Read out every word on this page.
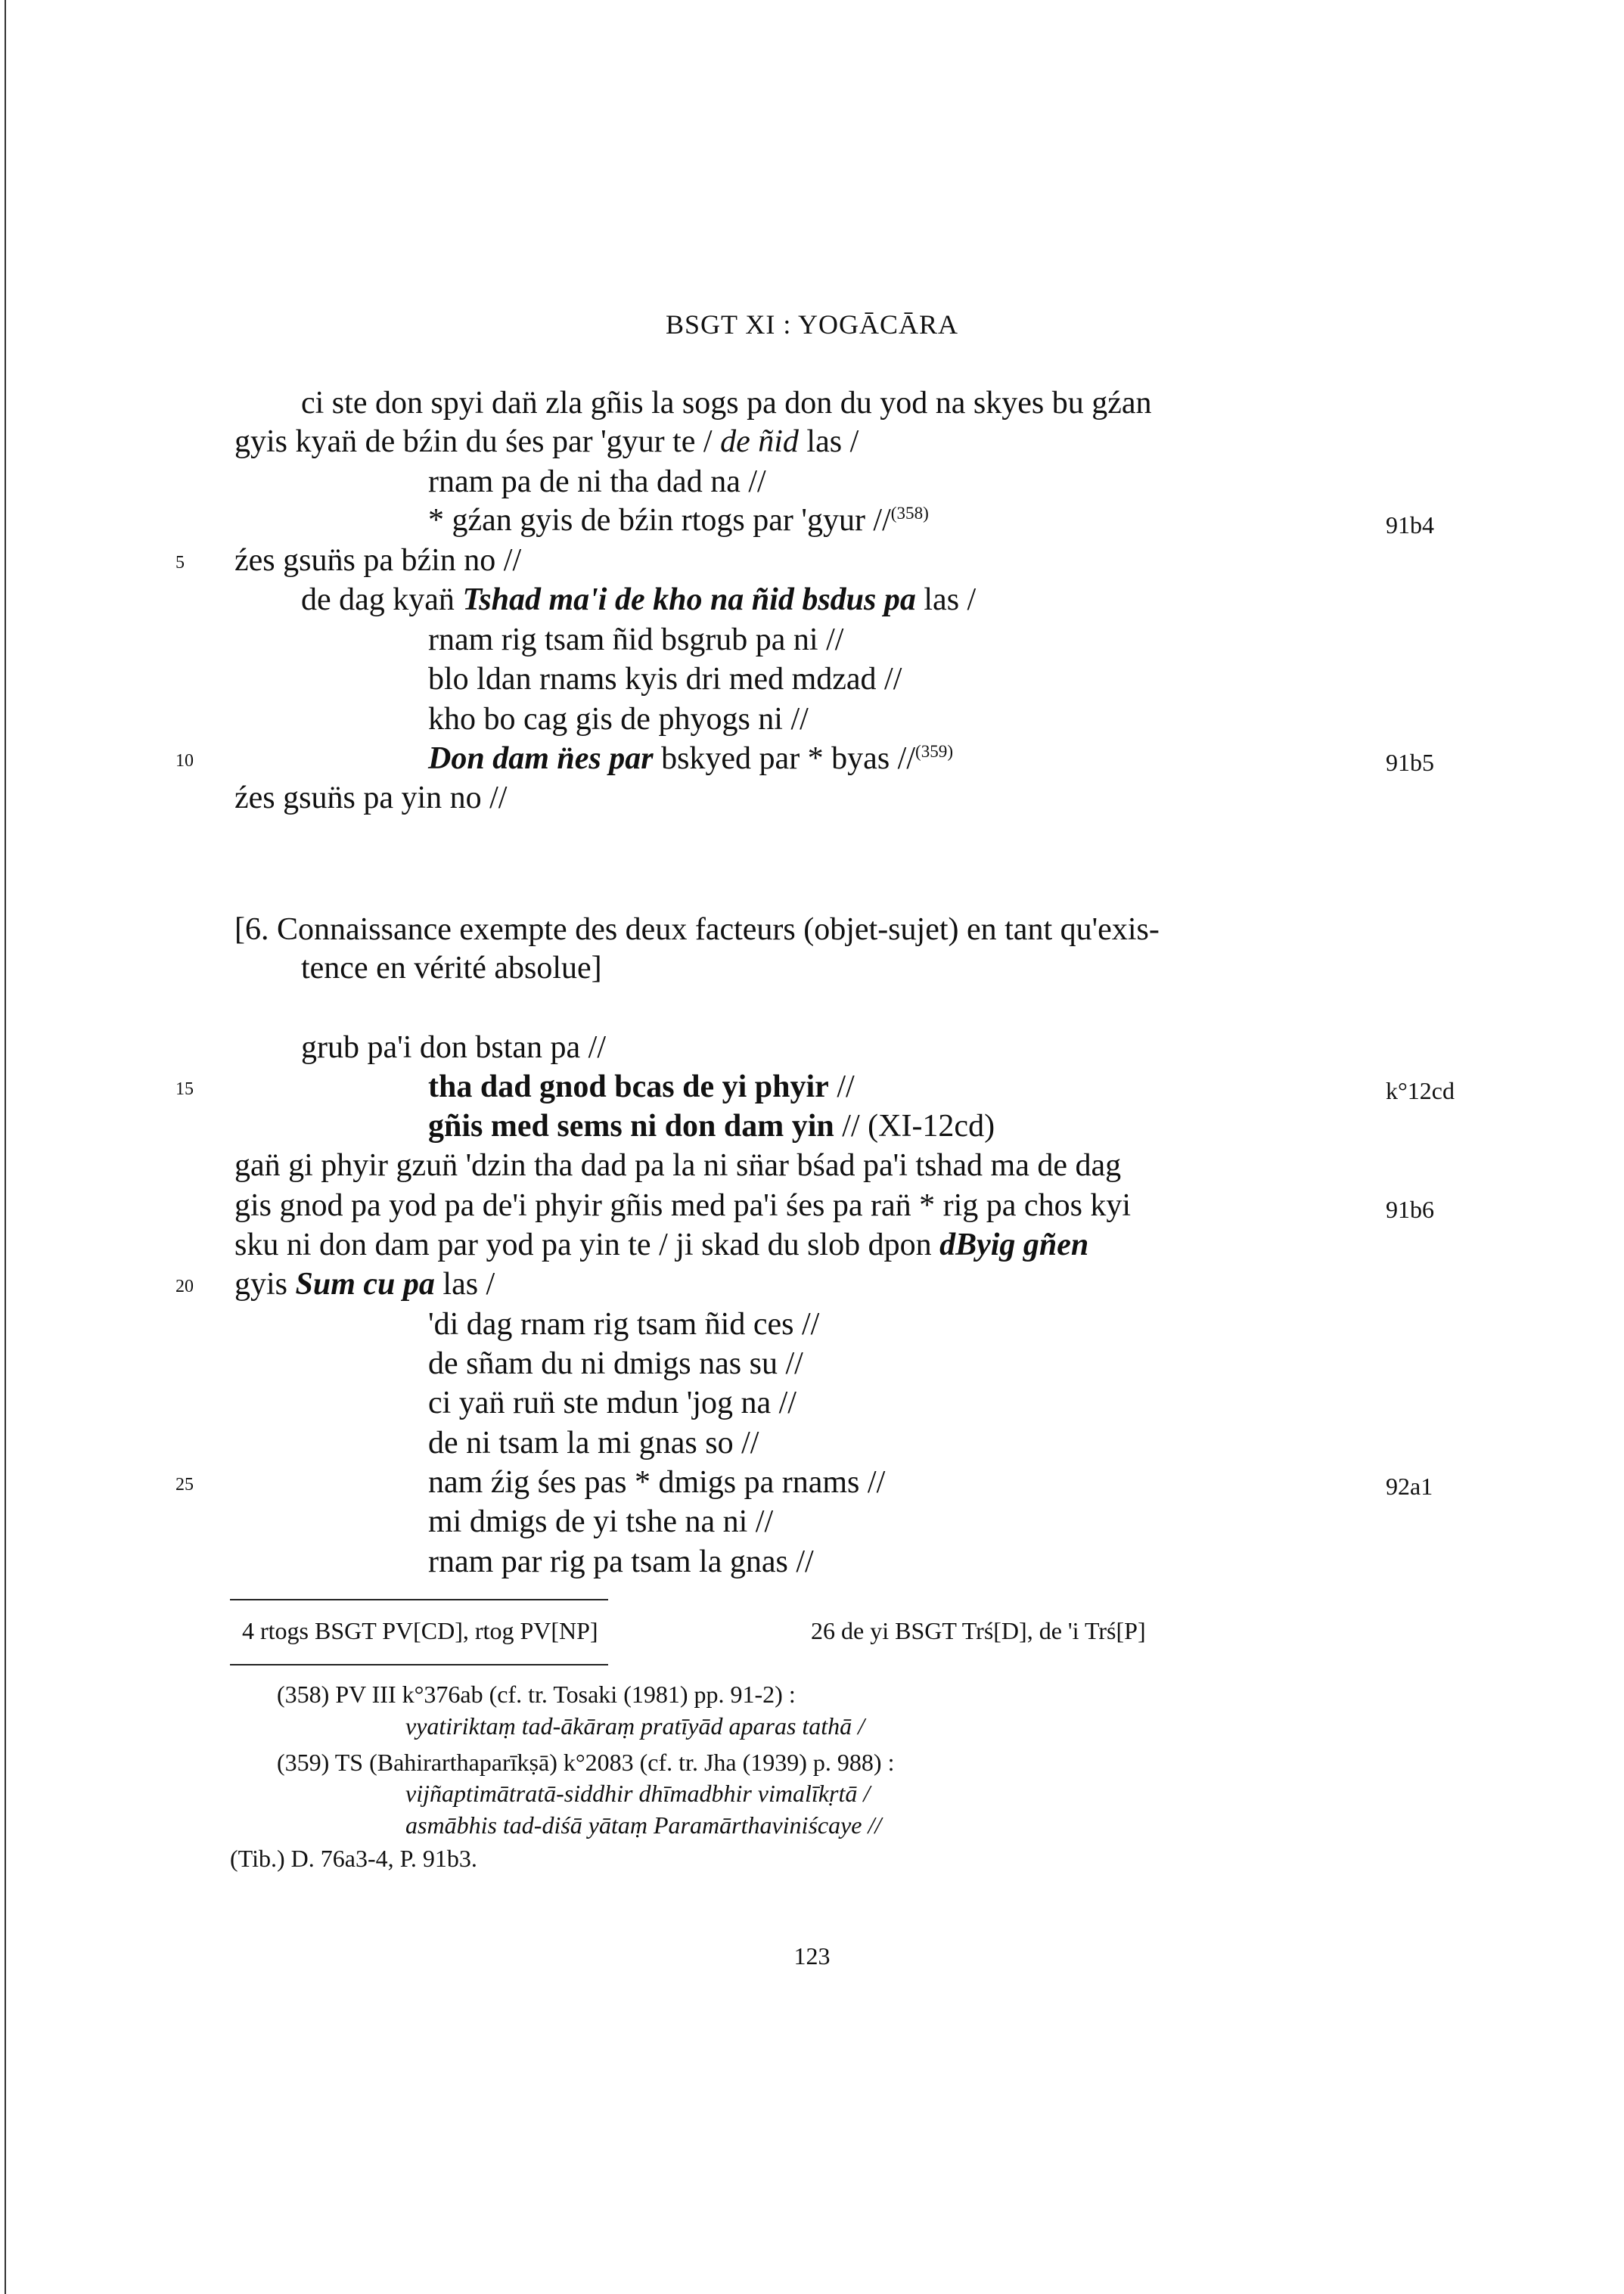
BSGT XI : YOGĀCĀRA
ci ste don spyi dan̈ zla gñis la sogs pa don du yod na skyes bu gźan
gyis kyan̈ de bźin du śes par 'gyur te / de ñid las /
rnam pa de ni tha dad na //
* gźan gyis de bźin rtogs par 'gyur //$^{(358)}$
źes gsun̈s pa bźin no //
de dag kyan̈ Tshad ma'i de kho na ñid bsdus pa las /
rnam rig tsam ñid bsgrub pa ni //
blo ldan rnams kyis dri med mdzad //
kho bo cag gis de phyogs ni //
Don dam n̈es par bskyed par * byas //$^{(359)}$
źes gsun̈s pa yin no //
[6. Connaissance exempte des deux facteurs (objet-sujet) en tant qu'exis-
tence en vérité absolue]
grub pa'i don bstan pa //
tha dad gnod bcas de yi phyir //
gñis med sems ni don dam yin // (XI-12cd)
gan̈ gi phyir gzun̈ 'dzin tha dad pa la ni sn̈ar bśad pa'i tshad ma de dag
gis gnod pa yod pa de'i phyir gñis med pa'i śes pa ran̈ * rig pa chos kyi
sku ni don dam par yod pa yin te / ji skad du slob dpon dByig gñen
gyis Sum cu pa las /
'di dag rnam rig tsam ñid ces //
de sñam du ni dmigs nas su //
ci yan̈ run̈ ste mdun 'jog na //
de ni tsam la mi gnas so //
nam źig śes pas * dmigs pa rnams //
mi dmigs de yi tshe na ni //
rnam par rig pa tsam la gnas //
5
10
15
20
25
91b4
91b5
k°12cd
91b6
92a1
4 rtogs BSGT PV[CD], rtog PV[NP]	26 de yi BSGT Trś[D], de 'i Trś[P]
(358) PV III k°376ab (cf. tr. Tosaki (1981) pp. 91-2) :
vyatiriktaṃ tad-ākāraṃ pratīyād aparas tathā /
(359) TS (Bahirarthaparīkṣā) k°2083 (cf. tr. Jha (1939) p. 988) :
vijñaptimātratā-siddhir dhīmadbhir vimalīkṛtā /
asmābhis tad-diśā yātaṃ Paramārthaviniścaye //
(Tib.) D. 76a3-4, P. 91b3.
123
